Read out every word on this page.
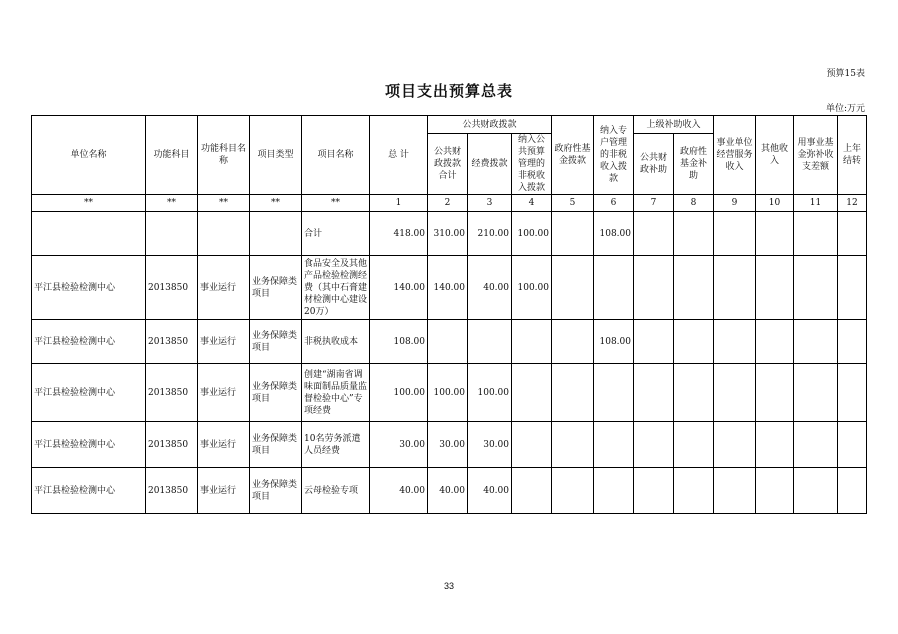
预算15表
项目支出预算总表
单位:万元
单位名称	功能科目	功能科目名称	项目类型	项目名称	总 计	公共财政拨款			政府性基金拨款	纳入专户管理的非税收入拨款	上级补助收入		事业单位经营服务收入	其他收入	用事业基金弥补收支差额	上年结转
						公共财政拨款合计	经费拨款	纳入公共预算管理的非税收入拨款			公共财政补助	政府性基金补助				
**	**	**	**	**	1	2	3	4	5	6	7	8	9	10	11	12
				合计	418.00	310.00	210.00	100.00		108.00						
平江县检验检测中心	2013850	事业运行	业务保障类项目	食品安全及其他产品检验检测经费（其中石膏建材检测中心建设20万）	140.00	140.00	40.00	100.00								
平江县检验检测中心	2013850	事业运行	业务保障类项目	非税执收成本	108.00					108.00						
平江县检验检测中心	2013850	事业运行	业务保障类项目	创建“湖南省调味面制品质量监督检验中心”专项经费	100.00	100.00	100.00									
平江县检验检测中心	2013850	事业运行	业务保障类项目	10名劳务派遣人员经费	30.00	30.00	30.00									
平江县检验检测中心	2013850	事业运行	业务保障类项目	云母检验专项	40.00	40.00	40.00									
33
